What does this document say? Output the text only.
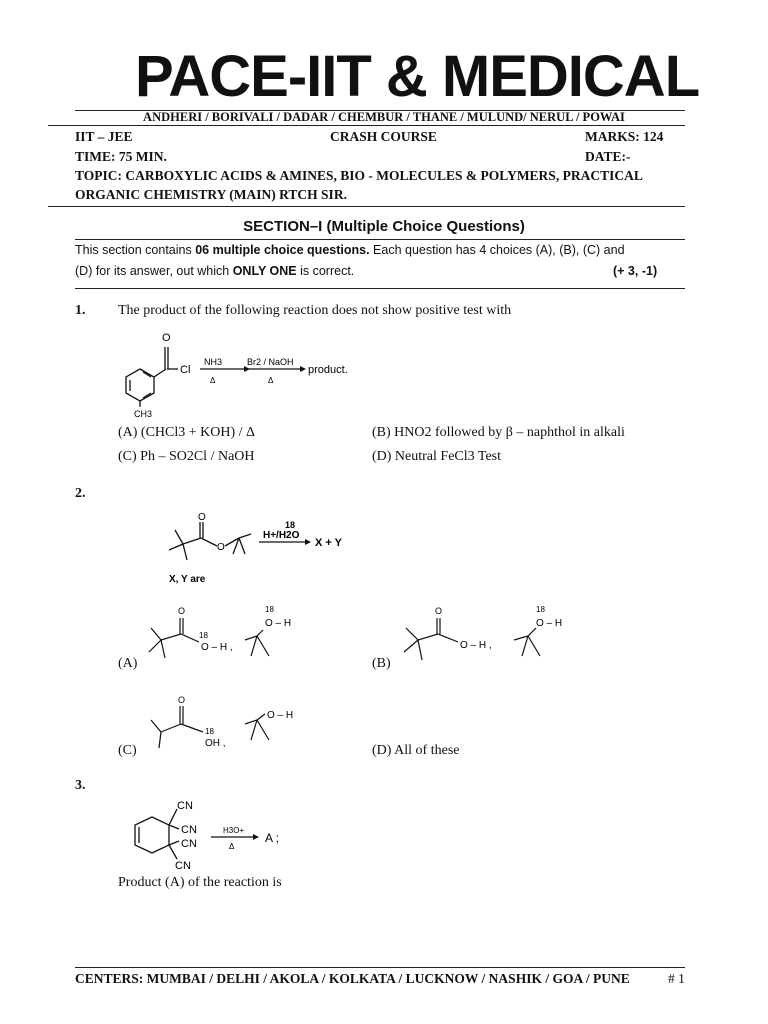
PACE-IIT & MEDICAL
ANDHERI / BORIVALI / DADAR / CHEMBUR / THANE / MULUND/ NERUL / POWAI
IIT – JEE	CRASH COURSE	MARKS: 124
TIME: 75 MIN.	DATE:-
TOPIC: CARBOXYLIC ACIDS & AMINES, BIO - MOLECULES & POLYMERS, PRACTICAL
ORGANIC CHEMISTRY (MAIN) RTCH SIR.
SECTION–I (Multiple Choice Questions)
This section contains 06 multiple choice questions. Each question has 4 choices (A), (B), (C) and
(D) for its answer, out which ONLY ONE is correct.	(+ 3, -1)
1. The product of the following reaction does not show positive test with
O
Cl
CH3
NH3
Δ
Br2 / NaOH
Δ
product.
(A) (CHCl3 + KOH) / Δ	(B) HNO2 followed by β – naphthol in alkali
(C) Ph – SO2Cl / NaOH	(D) Neutral FeCl3 Test
2.
O
O
18
H+/H2O
X + Y
X, Y are
O
18
O – H ,
18
O – H
(A)
O
O – H ,
18
O – H
(B)
O
18
OH ,
O – H
(C)	(D) All of these
3.
CN
CN
CN
CN
H3O+
Δ
A ;
Product (A) of the reaction is
CENTERS: MUMBAI / DELHI / AKOLA / KOLKATA / LUCKNOW / NASHIK / GOA / PUNE	# 1
